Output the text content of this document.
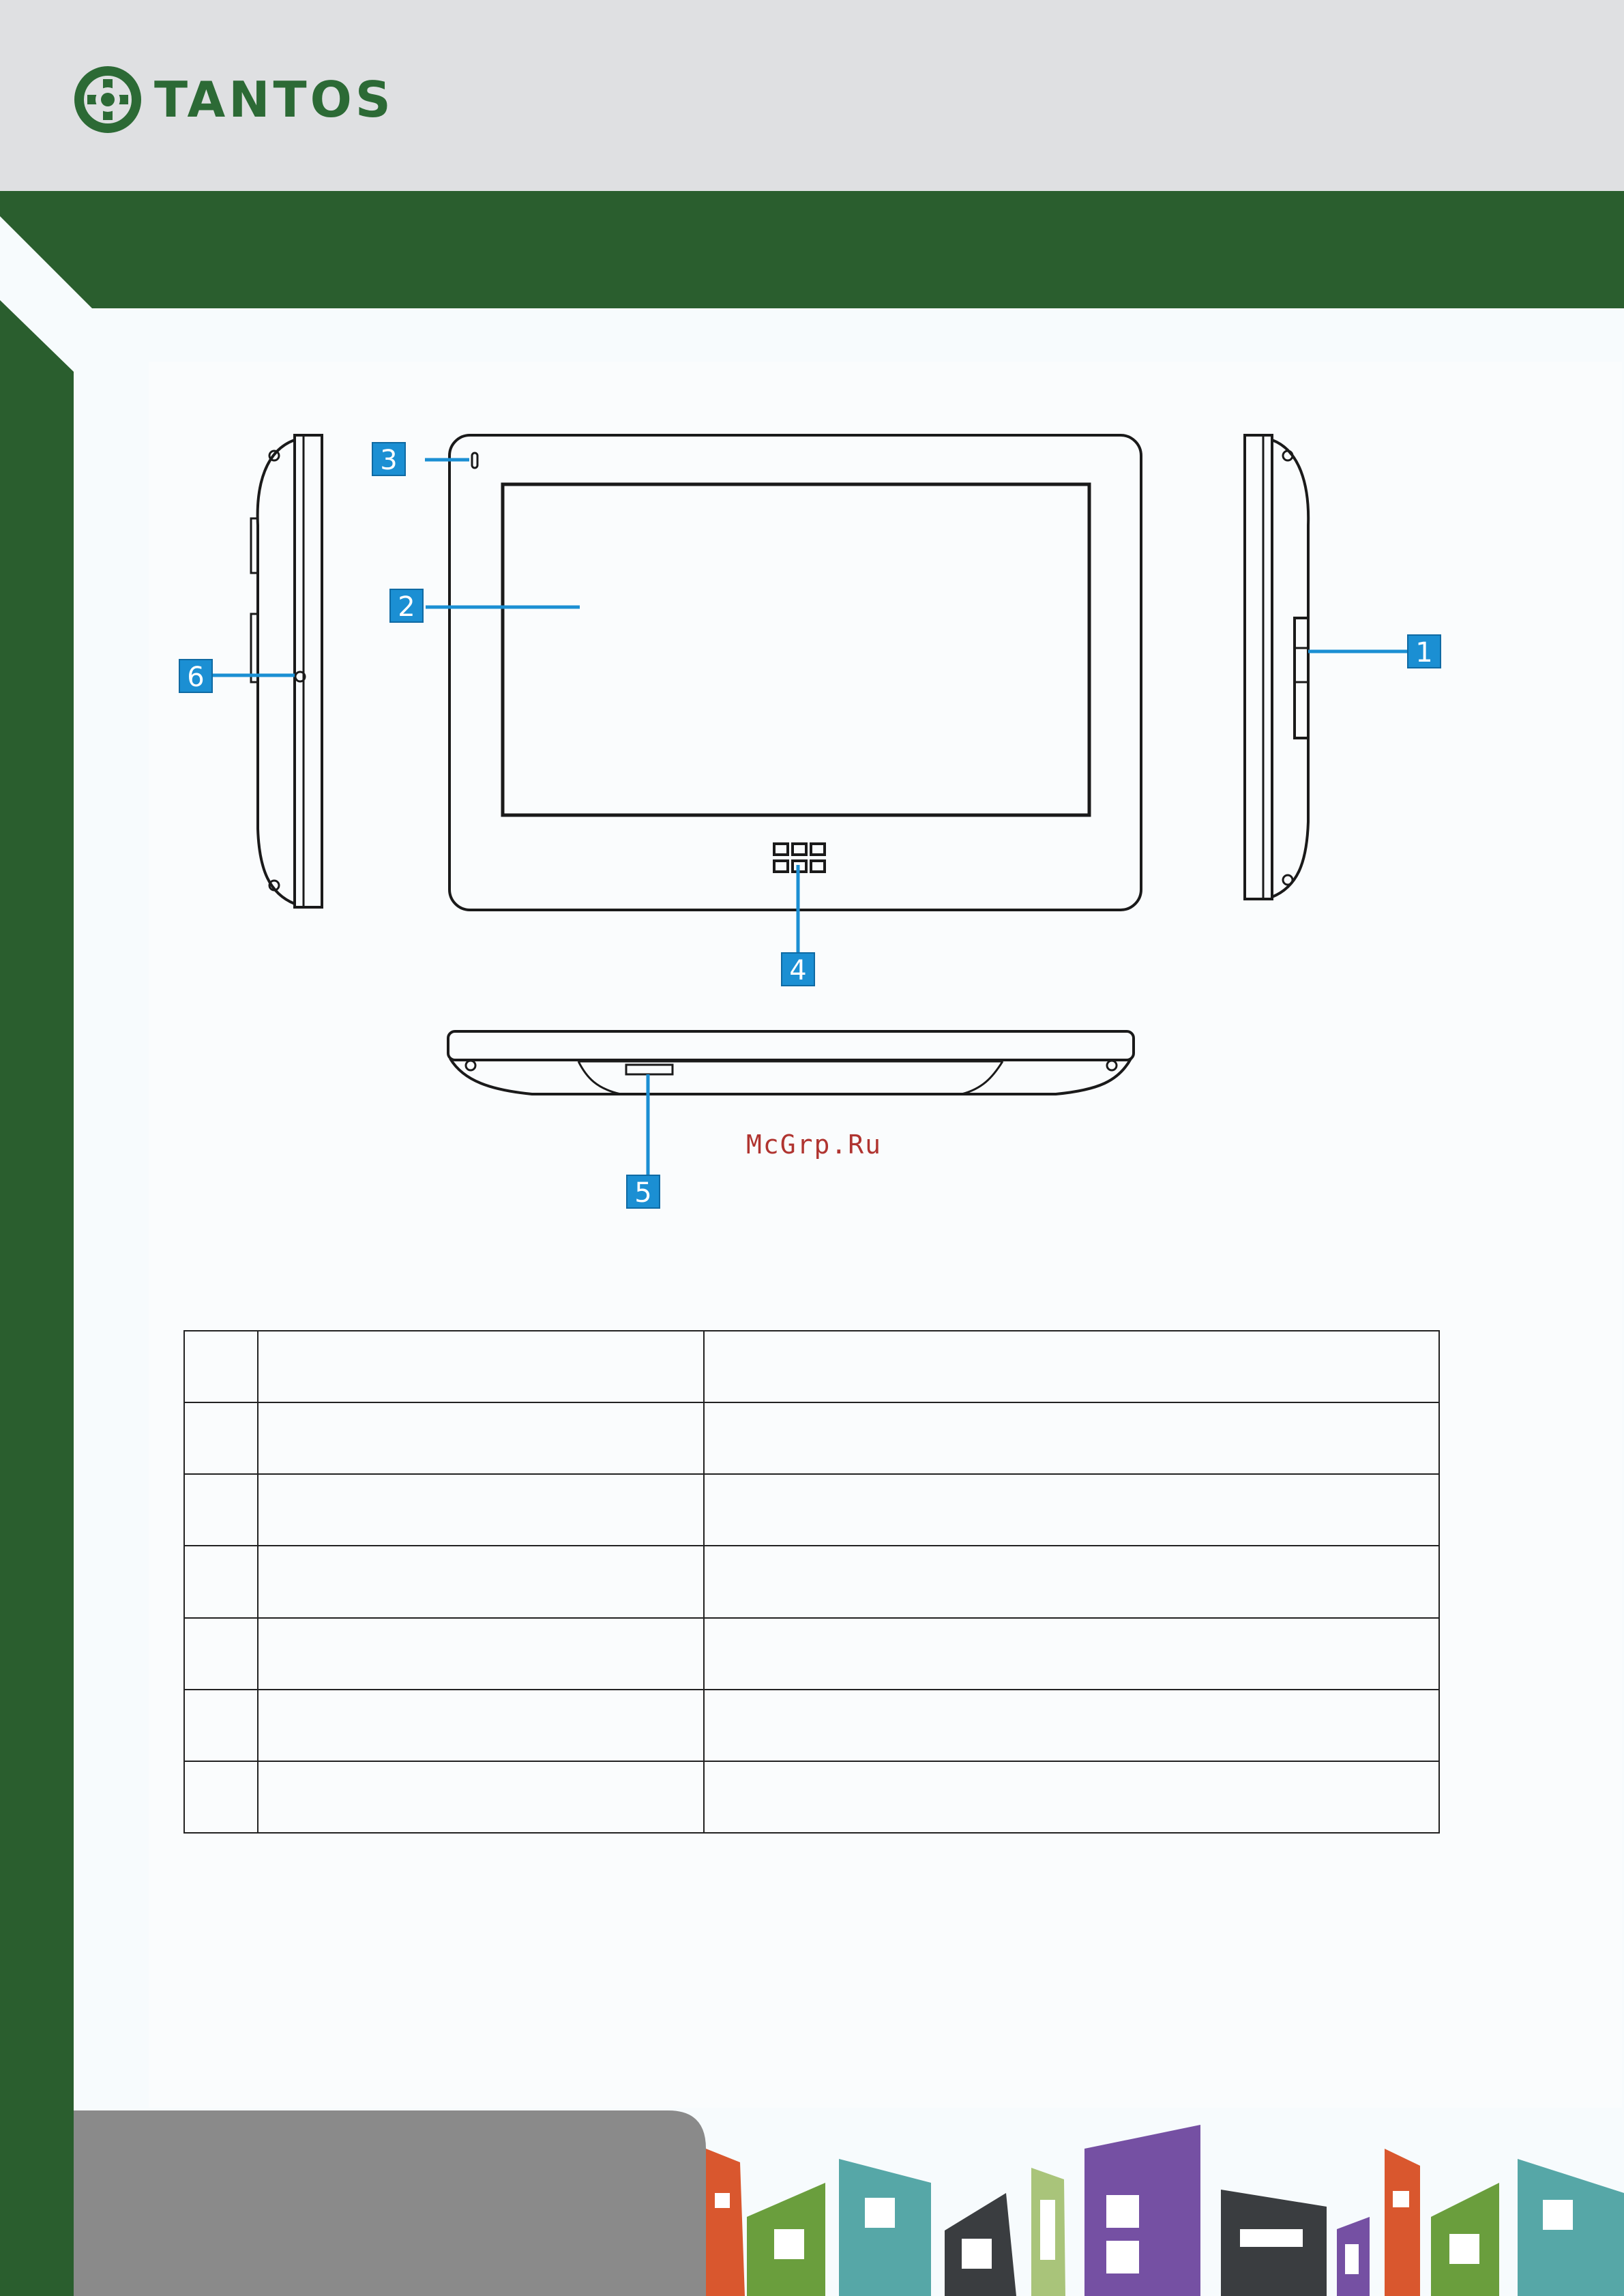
TANTOS
1
2
3
4
5
6
McGrp.Ru
